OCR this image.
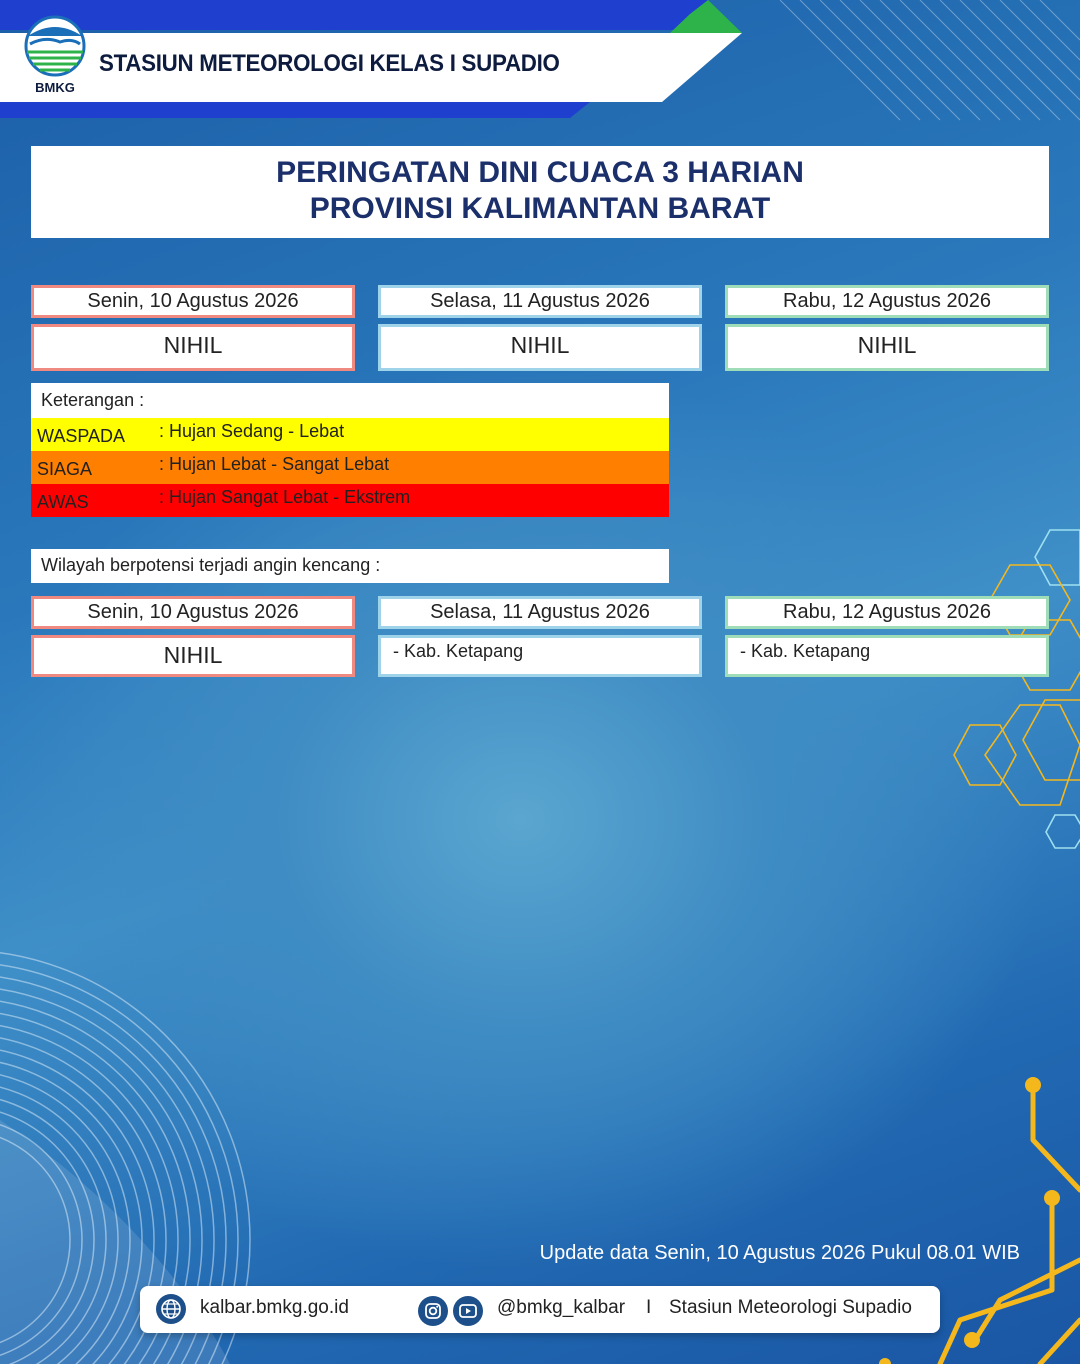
BMKG
STASIUN METEOROLOGI KELAS I SUPADIO
PERINGATAN DINI CUACA 3 HARIAN
PROVINSI KALIMANTAN BARAT
Senin, 10 Agustus 2026	Selasa, 11 Agustus 2026	Rabu, 12 Agustus 2026
NIHIL	NIHIL	NIHIL
Keterangan :
WASPADA : Hujan Sedang - Lebat
SIAGA	: Hujan Lebat - Sangat Lebat
AWAS	: Hujan Sangat Lebat - Ekstrem
Wilayah berpotensi terjadi angin kencang :
Senin, 10 Agustus 2026	Selasa, 11 Agustus 2026	Rabu, 12 Agustus 2026
NIHIL	- Kab. Ketapang	- Kab. Ketapang
Update data Senin, 10 Agustus 2026 Pukul 08.01 WIB
kalbar.bmkg.go.id	@bmkg_kalbar I Stasiun Meteorologi Supadio
